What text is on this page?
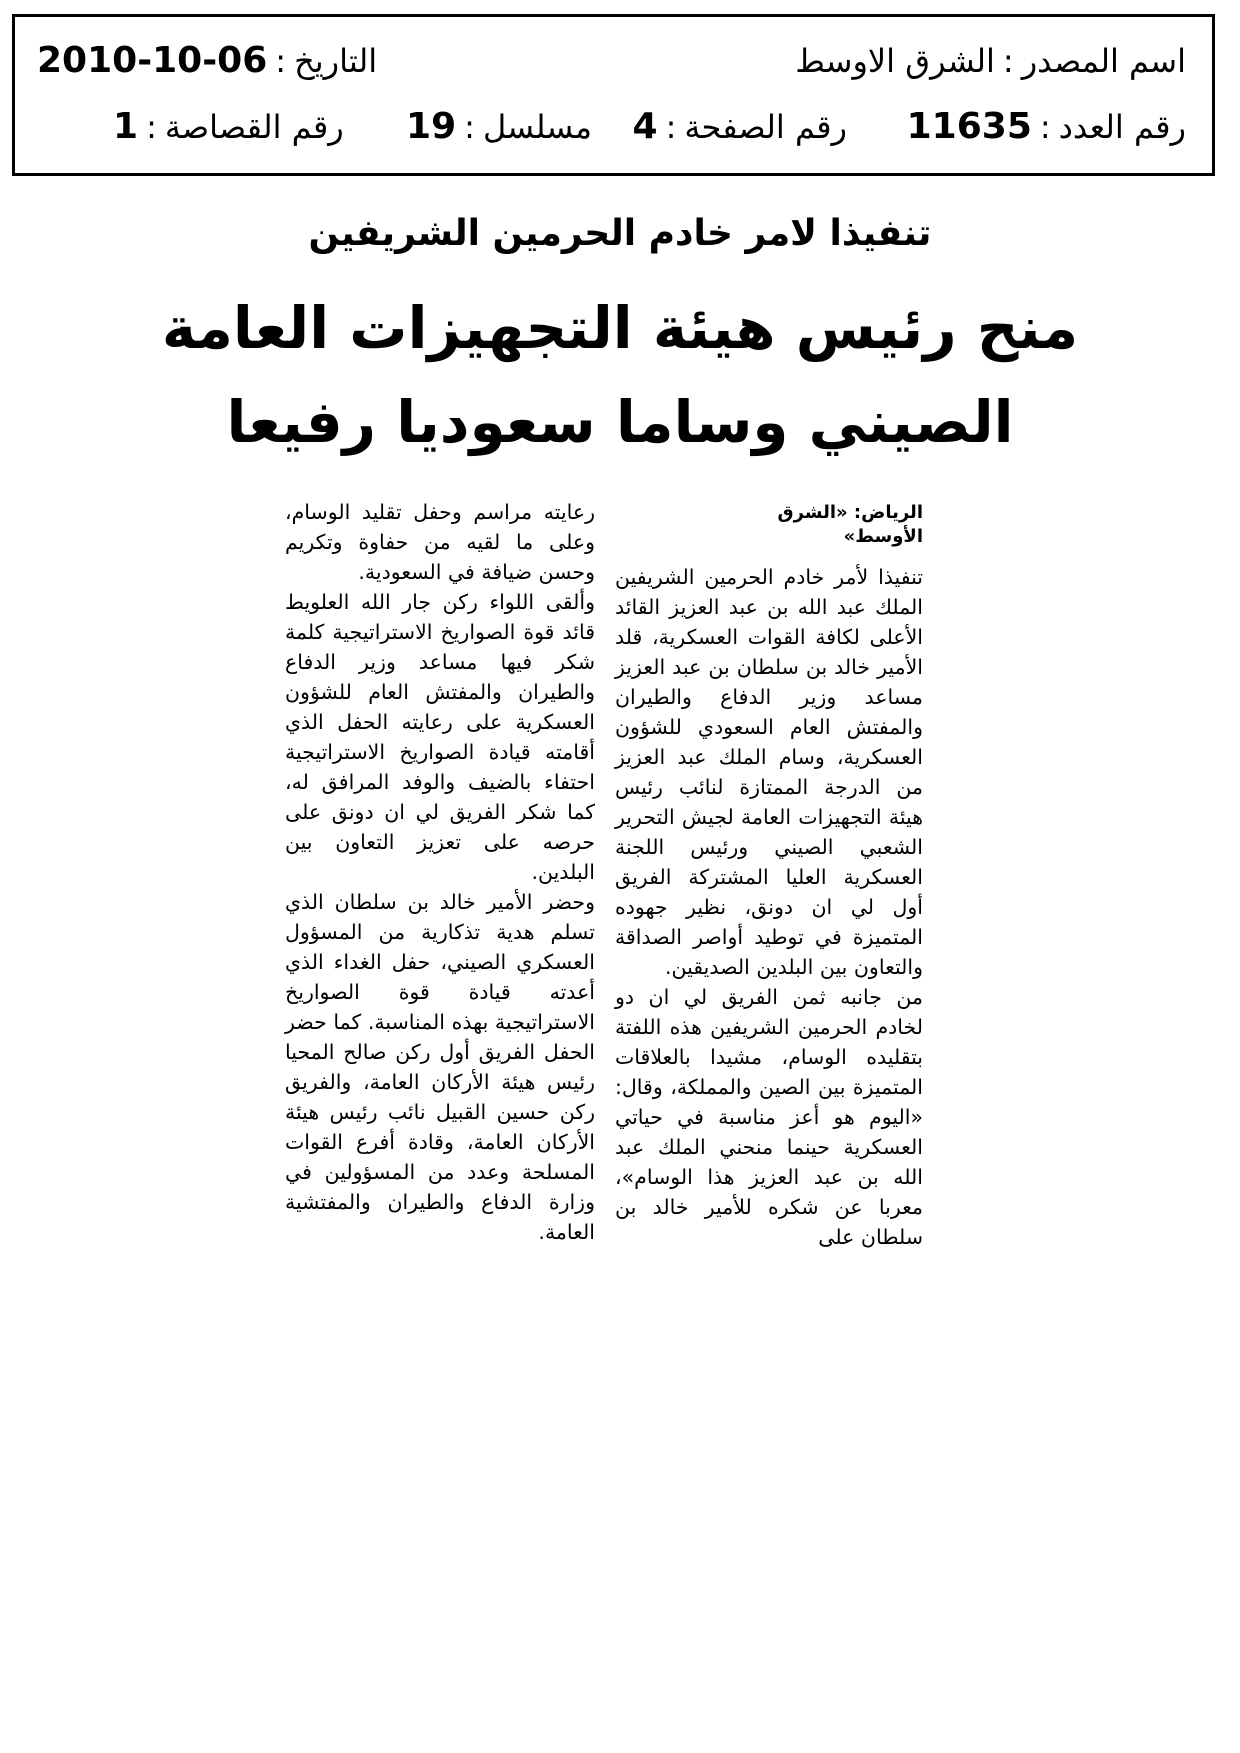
اسم المصدر:الشرق الاوسط
التاريخ:2010-10-06
رقم العدد:11635
رقم الصفحة:4
مسلسل:19
رقم القصاصة:1
تنفيذا لامر خادم الحرمين الشريفين
منح رئيس هيئة التجهيزات العامة
الصيني وساما سعوديا رفيعا
الرياض: «الشرق الأوسط»

تنفيذا لأمر خادم الحرمين الشريفين الملك عبد الله بن عبد العزيز القائد الأعلى لكافة القوات العسكرية، قلد الأمير خالد بن سلطان بن عبد العزيز مساعد وزير الدفاع والطيران والمفتش العام السعودي للشؤون العسكرية، وسام الملك عبد العزيز من الدرجة الممتازة لنائب رئيس هيئة التجهيزات العامة لجيش التحرير الشعبي الصيني ورئيس اللجنة العسكرية العليا المشتركة الفريق أول لي ان دونق، نظير جهوده المتميزة في توطيد أواصر الصداقة والتعاون بين البلدين الصديقين.

من جانبه ثمن الفريق لي ان دو لخادم الحرمين الشريفين هذه اللفتة بتقليده الوسام، مشيدا بالعلاقات المتميزة بين الصين والمملكة، وقال: «اليوم هو أعز مناسبة في حياتي العسكرية حينما منحني الملك عبد الله بن عبد العزيز هذا الوسام»، معربا عن شكره للأمير خالد بن سلطان على

رعايته مراسم وحفل تقليد الوسام، وعلى ما لقيه من حفاوة وتكريم وحسن ضيافة في السعودية.

وألقى اللواء ركن جار الله العلويط قائد قوة الصواريخ الاستراتيجية كلمة شكر فيها مساعد وزير الدفاع والطيران والمفتش العام للشؤون العسكرية على رعايته الحفل الذي أقامته قيادة الصواريخ الاستراتيجية احتفاء بالضيف والوفد المرافق له، كما شكر الفريق لي ان دونق على حرصه على تعزيز التعاون بين البلدين.

وحضر الأمير خالد بن سلطان الذي تسلم هدية تذكارية من المسؤول العسكري الصيني، حفل الغداء الذي أعدته قيادة قوة الصواريخ الاستراتيجية بهذه المناسبة. كما حضر الحفل الفريق أول ركن صالح المحيا رئيس هيئة الأركان العامة، والفريق ركن حسين القبيل نائب رئيس هيئة الأركان العامة، وقادة أفرع القوات المسلحة وعدد من المسؤولين في وزارة الدفاع والطيران والمفتشية العامة.
